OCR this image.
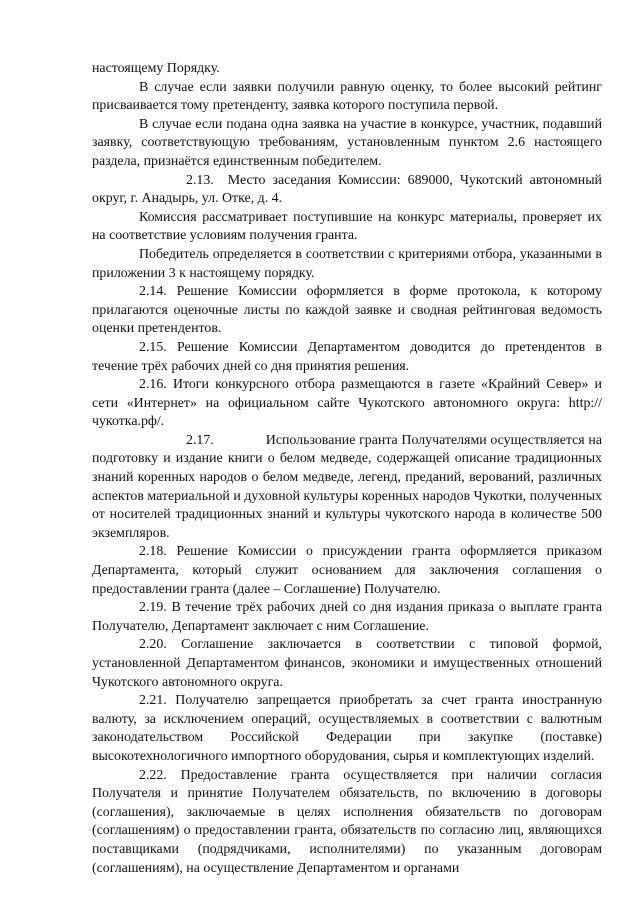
настоящему Порядку.

В случае если заявки получили равную оценку, то более высокий рейтинг присваивается тому претенденту, заявка которого поступила первой.

В случае если подана одна заявка на участие в конкурсе, участник, подавший заявку, соответствующую требованиям, установленным пунктом 2.6 настоящего раздела, признаётся единственным победителем.

2.13. Место заседания Комиссии: 689000, Чукотский автономный округ, г. Анадырь, ул. Отке, д. 4.

Комиссия рассматривает поступившие на конкурс материалы, проверяет их на соответствие условиям получения гранта.

Победитель определяется в соответствии с критериями отбора, указанными в приложении 3 к настоящему порядку.

2.14. Решение Комиссии оформляется в форме протокола, к которому прилагаются оценочные листы по каждой заявке и сводная рейтинговая ведомость оценки претендентов.

2.15. Решение Комиссии Департаментом доводится до претендентов в течение трёх рабочих дней со дня принятия решения.

2.16. Итоги конкурсного отбора размещаются в газете «Крайний Север» и сети «Интернет» на официальном сайте Чукотского автономного округа: http://чукотка.рф/.

2.17.	Использование гранта Получателями осуществляется на подготовку и издание книги о белом медведе, содержащей описание традиционных знаний коренных народов о белом медведе, легенд, преданий, верований, различных аспектов материальной и духовной культуры коренных народов Чукотки, полученных от носителей традиционных знаний и культуры чукотского народа в количестве 500 экземпляров.

2.18. Решение Комиссии о присуждении гранта оформляется приказом Департамента, который служит основанием для заключения соглашения о предоставлении гранта (далее – Соглашение) Получателю.

2.19. В течение трёх рабочих дней со дня издания приказа о выплате гранта Получателю, Департамент заключает с ним Соглашение.

2.20. Соглашение заключается в соответствии с типовой формой, установленной Департаментом финансов, экономики и имущественных отношений Чукотского автономного округа.

2.21. Получателю запрещается приобретать за счет гранта иностранную валюту, за исключением операций, осуществляемых в соответствии с валютным законодательством Российской Федерации при закупке (поставке) высокотехнологичного импортного оборудования, сырья и комплектующих изделий.

2.22. Предоставление гранта осуществляется при наличии согласия Получателя и принятие Получателем обязательств, по включению в договоры (соглашения), заключаемые в целях исполнения обязательств по договорам (соглашениям) о предоставлении гранта, обязательств по согласию лиц, являющихся поставщиками (подрядчиками, исполнителями) по указанным договорам (соглашениям), на осуществление Департаментом и органами
